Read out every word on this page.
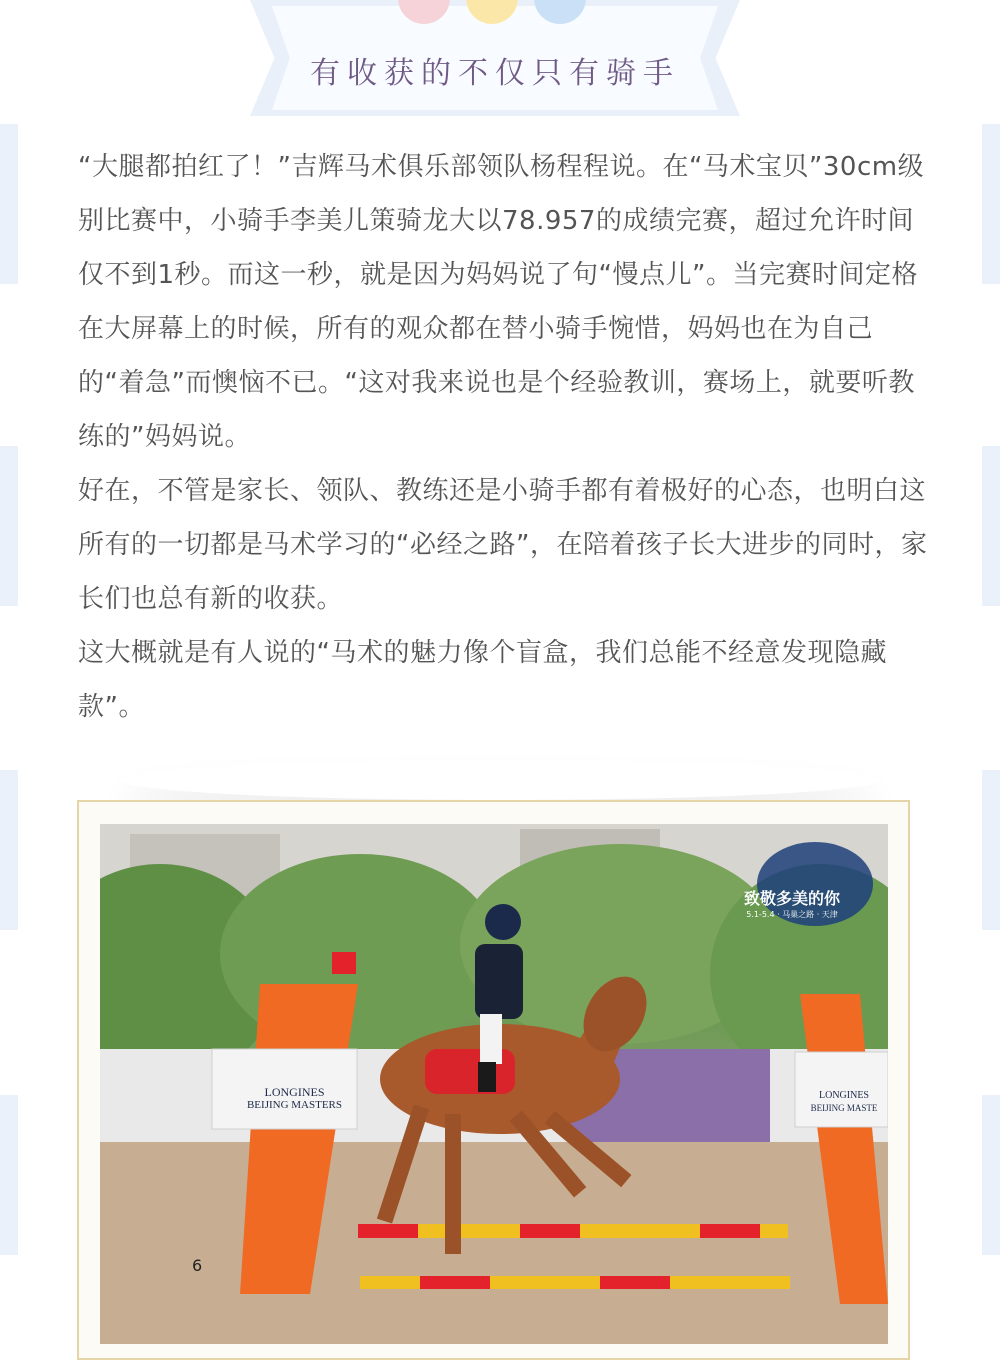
有收获的不仅只有骑手

“大腿都拍红了！”吉辉马术俱乐部领队杨程程说。在“马术宝贝”30cm级别比赛中，小骑手李美儿策骑龙大以78.957的成绩完赛，超过允许时间仅不到1秒。而这一秒，就是因为妈妈说了句“慢点儿”。当完赛时间定格在大屏幕上的时候，所有的观众都在替小骑手惋惜，妈妈也在为自己的“着急”而懊恼不已。“这对我来说也是个经验教训，赛场上，就要听教练的”妈妈说。

好在，不管是家长、领队、教练还是小骑手都有着极好的心态，也明白这所有的一切都是马术学习的“必经之路”，在陪着孩子长大进步的同时，家长们也总有新的收获。

这大概就是有人说的“马术的魅力像个盲盒，我们总能不经意发现隐藏款”。

LONGINES
BEIJING MASTERS
LONGINES
BEIJING MASTE
致敬多美的你
5.1-5.4 · 马巢之路 · 天津
6
